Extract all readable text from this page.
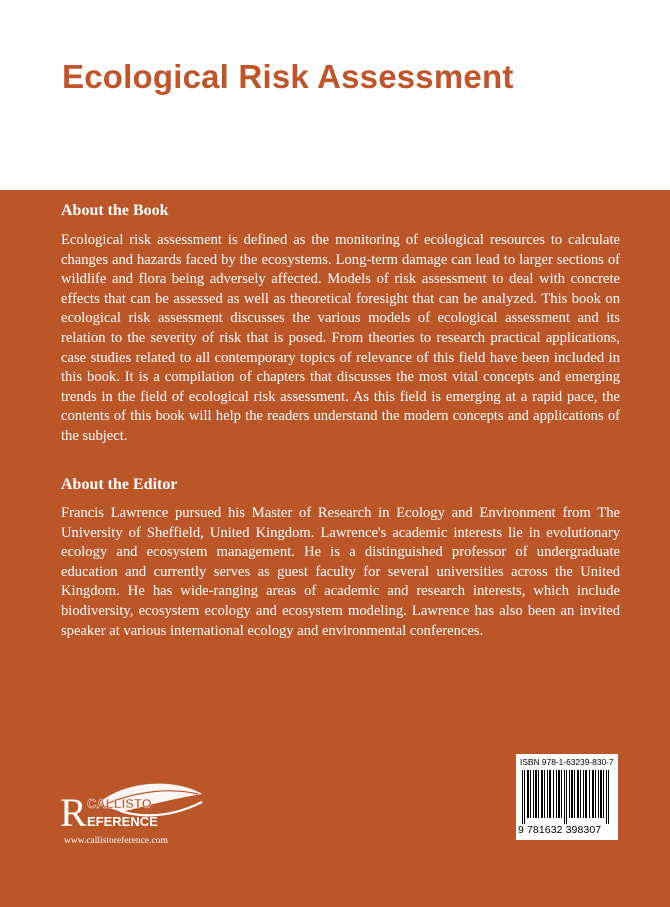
Ecological Risk Assessment
About the Book

Ecological risk assessment is defined as the monitoring of ecological resources to calculate changes and hazards faced by the ecosystems. Long-term damage can lead to larger sections of wildlife and flora being adversely affected. Models of risk assessment to deal with concrete effects that can be assessed as well as theoretical foresight that can be analyzed. This book on ecological risk assessment discusses the various models of ecological assessment and its relation to the severity of risk that is posed. From theories to research practical applications, case studies related to all contemporary topics of relevance of this field have been included in this book. It is a compilation of chapters that discusses the most vital concepts and emerging trends in the field of ecological risk assessment. As this field is emerging at a rapid pace, the contents of this book will help the readers understand the modern concepts and applications of the subject.

About the Editor

Francis Lawrence pursued his Master of Research in Ecology and Environment from The University of Sheffield, United Kingdom. Lawrence's academic interests lie in evolutionary ecology and ecosystem management. He is a distinguished professor of undergraduate education and currently serves as guest faculty for several universities across the United Kingdom. He has wide-ranging areas of academic and research interests, which include biodiversity, ecosystem ecology and ecosystem modeling. Lawrence has also been an invited speaker at various international ecology and environmental conferences.

R CALLISTO
EFERENCE
www.callistoreference.com
ISBN 978-1-63239-830-7
9 781632 398307
